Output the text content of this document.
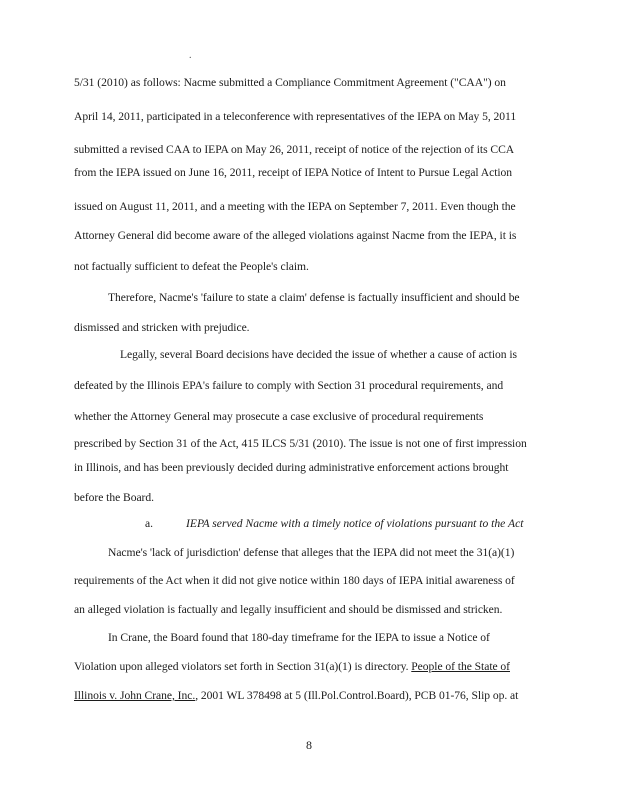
.
5/31 (2010) as follows: Nacme submitted a Compliance Commitment Agreement ("CAA") on
April 14, 2011, participated in a teleconference with representatives of the IEPA on May 5, 2011
submitted a revised CAA to IEPA on May 26, 2011, receipt of notice of the rejection of its CCA
from the IEPA issued on June 16, 2011, receipt of IEPA Notice of Intent to Pursue Legal Action
issued on August 11, 2011, and a meeting with the IEPA on September 7, 2011. Even though the
Attorney General did become aware of the alleged violations against Nacme from the IEPA, it is
not factually sufficient to defeat the People's claim.
Therefore, Nacme's 'failure to state a claim' defense is factually insufficient and should be
dismissed and stricken with prejudice.
Legally, several Board decisions have decided the issue of whether a cause of action is
defeated by the Illinois EPA's failure to comply with Section 31 procedural requirements, and
whether the Attorney General may prosecute a case exclusive of procedural requirements
prescribed by Section 31 of the Act, 415 ILCS 5/31 (2010). The issue is not one of first impression
in Illinois, and has been previously decided during administrative enforcement actions brought
before the Board.
a.	IEPA served Nacme with a timely notice of violations pursuant to the Act
Nacme's 'lack of jurisdiction' defense that alleges that the IEPA did not meet the 31(a)(1)
requirements of the Act when it did not give notice within 180 days of IEPA initial awareness of
an alleged violation is factually and legally insufficient and should be dismissed and stricken.
In Crane, the Board found that 180-day timeframe for the IEPA to issue a Notice of
Violation upon alleged violators set forth in Section 31(a)(1) is directory. People of the State of
Illinois v. John Crane, Inc., 2001 WL 378498 at 5 (Ill.Pol.Control.Board), PCB 01-76, Slip op. at
8
